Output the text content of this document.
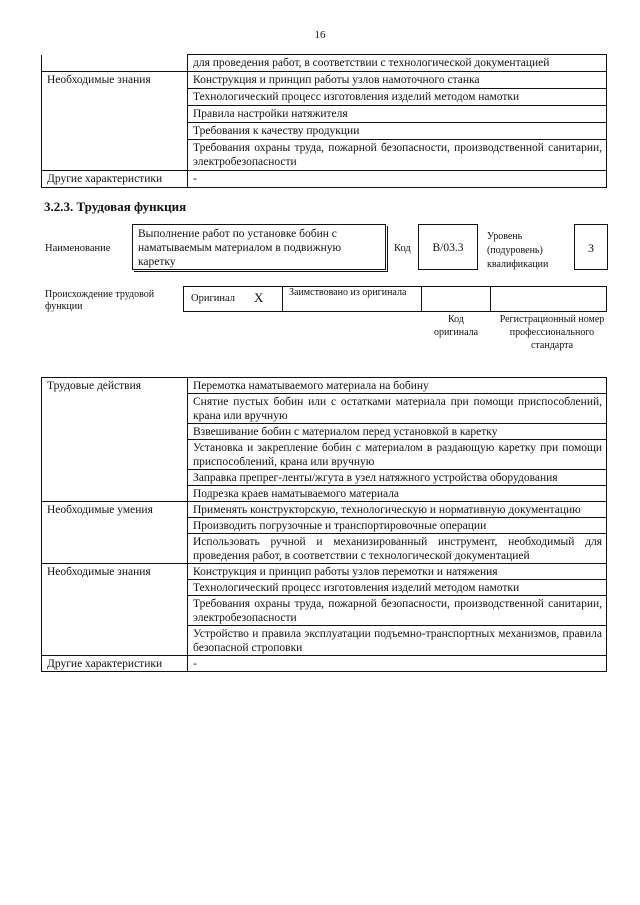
16
	для проведения работ, в соответствии с технологической документацией
Необходимые знания	Конструкция и принцип работы узлов намоточного станка
	Технологический процесс изготовления изделий методом намотки
	Правила настройки натяжителя
	Требования к качеству продукции
	Требования охраны труда, пожарной безопасности, производственной санитарии, электробезопасности
Другие характеристики	-
3.2.3. Трудовая функция
Наименование
Выполнение работ по установке бобин с наматываемым материалом в подвижную каретку
Код	В/03.3
Уровень (подуровень) квалификации
3
Происхождение трудовой функции
Оригинал X	Заимствовано из оригинала
Код оригинала
Регистрационный номер профессионального стандарта
Трудовые действия	Перемотка наматываемого материала на бобину
	Снятие пустых бобин или с остатками материала при помощи приспособлений, крана или вручную
	Взвешивание бобин с материалом перед установкой в каретку
	Установка и закрепление бобин с материалом в раздающую каретку при помощи приспособлений, крана или вручную
	Заправка препрег-ленты/жгута в узел натяжного устройства оборудования
	Подрезка краев наматываемого материала
Необходимые умения	Применять конструкторскую, технологическую и нормативную документацию
	Производить погрузочные и транспортировочные операции
	Использовать ручной и механизированный инструмент, необходимый для проведения работ, в соответствии с технологической документацией
Необходимые знания	Конструкция и принцип работы узлов перемотки и натяжения
	Технологический процесс изготовления изделий методом намотки
	Требования охраны труда, пожарной безопасности, производственной санитарии, электробезопасности
	Устройство и правила эксплуатации подъемно-транспортных механизмов, правила безопасной строповки
Другие характеристики	-
